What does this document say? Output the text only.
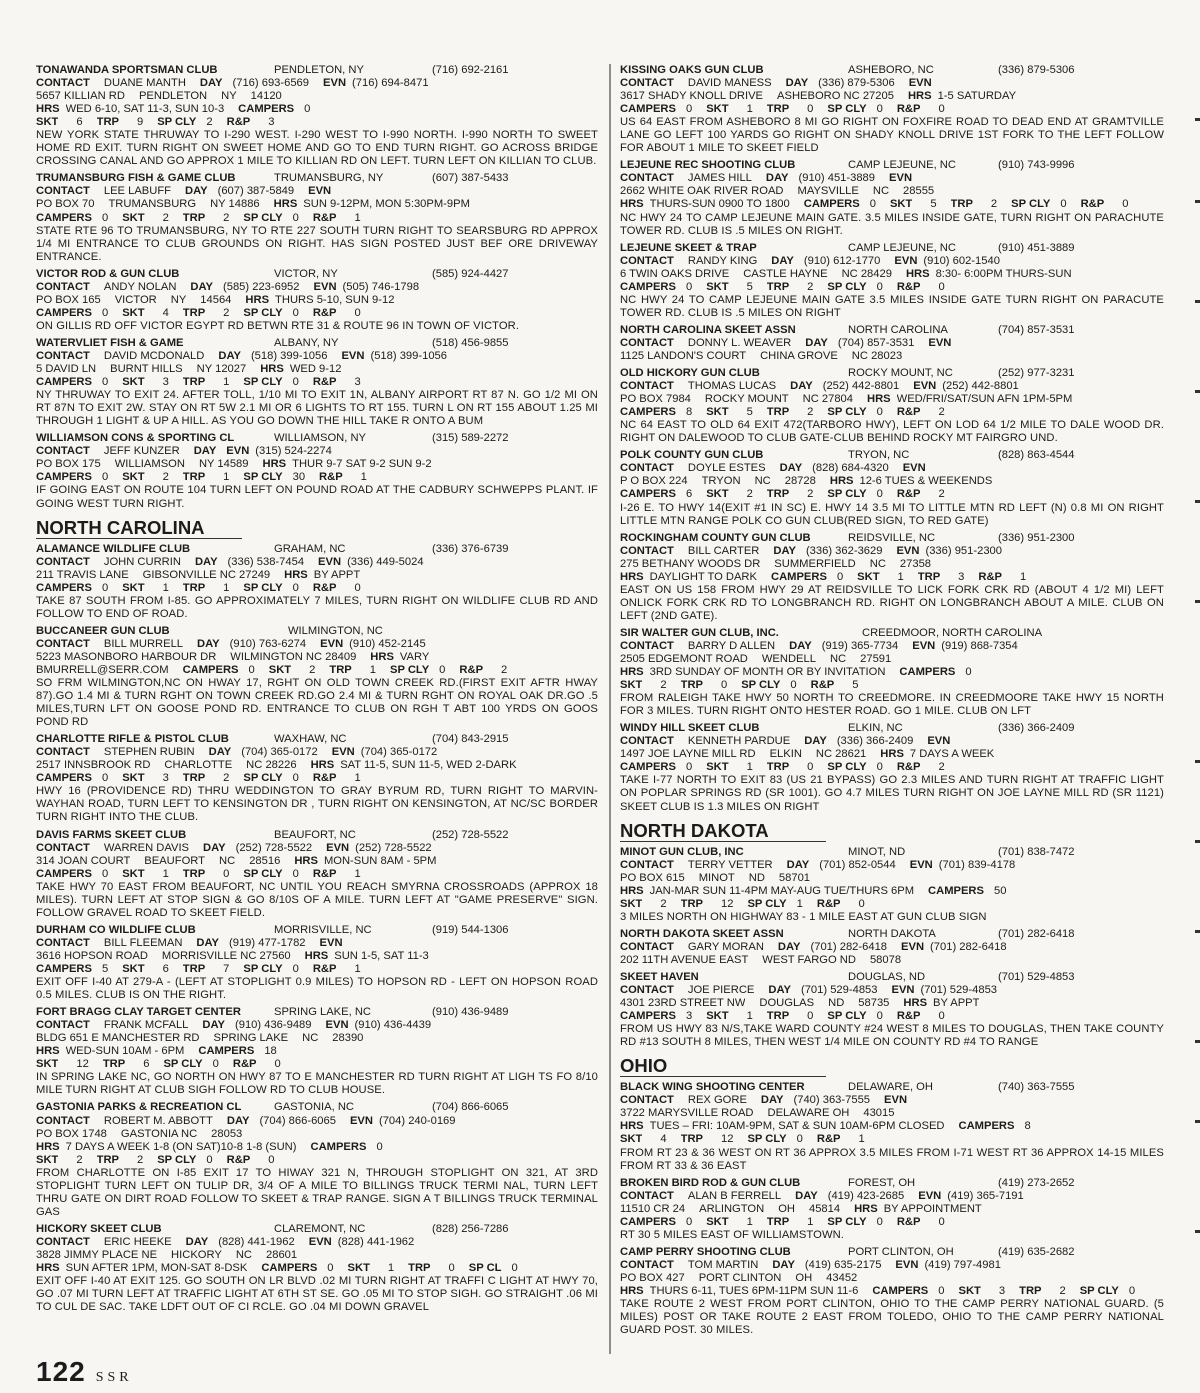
TONAWANDA SPORTSMAN CLUB	PENDLETON, NY	(716) 692-2161
CONTACT DUANE MANTH DAY (716) 693-6569 EVN (716) 694-8471
5657 KILLIAN RD PENDLETON NY 14120
HRS WED 6-10, SAT 11-3, SUN 10-3 CAMPERS 0
SKT 6 TRP 9 SP CLY 2 R&P 3
NEW YORK STATE THRUWAY TO I-290 WEST. I-290 WEST TO I-990 NORTH. I-990 NORTH TO SWEET HOME RD EXIT. TURN RIGHT ON SWEET HOME AND GO TO END TURN RIGHT. GO ACROSS BRIDGE CROSSING CANAL AND GO APPROX 1 MILE TO KILLIAN RD ON LEFT. TURN LEFT ON KILLIAN TO CLUB.
TRUMANSBURG FISH & GAME CLUB	TRUMANSBURG, NY	(607) 387-5433
CONTACT LEE LABUFF DAY (607) 387-5849 EVN
PO BOX 70 TRUMANSBURG NY 14886 HRS SUN 9-12PM, MON 5:30PM-9PM
CAMPERS 0 SKT 2 TRP 2 SP CLY 0 R&P 1
STATE RTE 96 TO TRUMANSBURG, NY TO RTE 227 SOUTH TURN RIGHT TO SEARSBURG RD APPROX 1/4 MI ENTRANCE TO CLUB GROUNDS ON RIGHT. HAS SIGN POSTED JUST BEF ORE DRIVEWAY ENTRANCE.
VICTOR ROD & GUN CLUB	VICTOR, NY	(585) 924-4427
CONTACT ANDY NOLAN DAY (585) 223-6952 EVN (505) 746-1798
PO BOX 165 VICTOR NY 14564 HRS THURS 5-10, SUN 9-12
CAMPERS 0 SKT 4 TRP 2 SP CLY 0 R&P 0
ON GILLIS RD OFF VICTOR EGYPT RD BETWN RTE 31 & ROUTE 96 IN TOWN OF VICTOR.
WATERVLIET FISH & GAME	ALBANY, NY	(518) 456-9855
CONTACT DAVID MCDONALD DAY (518) 399-1056 EVN (518) 399-1056
5 DAVID LN BURNT HILLS NY 12027 HRS WED 9-12
CAMPERS 0 SKT 3 TRP 1 SP CLY 0 R&P 3
NY THRUWAY TO EXIT 24. AFTER TOLL, 1/10 MI TO EXIT 1N, ALBANY AIRPORT RT 87 N. GO 1/2 MI ON RT 87N TO EXIT 2W. STAY ON RT 5W 2.1 MI OR 6 LIGHTS TO RT 155. TURN L ON RT 155 ABOUT 1.25 MI THROUGH 1 LIGHT & UP A HILL. AS YOU GO DOWN THE HILL TAKE R ONTO A BUM
WILLIAMSON CONS & SPORTING CL	WILLIAMSON, NY	(315) 589-2272
CONTACT JEFF KUNZER DAY EVN (315) 524-2274
PO BOX 175 WILLIAMSON NY 14589 HRS THUR 9-7 SAT 9-2 SUN 9-2
CAMPERS 0 SKT 2 TRP 1 SP CLY 30 R&P 1
IF GOING EAST ON ROUTE 104 TURN LEFT ON POUND ROAD AT THE CADBURY SCHWEPPS PLANT. IF GOING WEST TURN RIGHT.
NORTH CAROLINA
ALAMANCE WILDLIFE CLUB	GRAHAM, NC	(336) 376-6739
CONTACT JOHN CURRIN DAY (336) 538-7454 EVN (336) 449-5024
211 TRAVIS LANE GIBSONVILLE NC 27249 HRS BY APPT
CAMPERS 0 SKT 1 TRP 1 SP CLY 0 R&P 0
TAKE 87 SOUTH FROM I-85. GO APPROXIMATELY 7 MILES, TURN RIGHT ON WILDLIFE CLUB RD AND FOLLOW TO END OF ROAD.
BUCCANEER GUN CLUB	WILMINGTON, NC
CONTACT BILL MURRELL DAY (910) 763-6274 EVN (910) 452-2145
5223 MASONBORO HARBOUR DR WILMINGTON NC 28409 HRS VARY
BMURRELL@SERR.COM CAMPERS 0 SKT 2 TRP 1 SP CLY 0 R&P 2
SO FRM WILMINGTON,NC ON HWAY 17, RGHT ON OLD TOWN CREEK RD.(FIRST EXIT AFTR HWAY 87).GO 1.4 MI & TURN RGHT ON TOWN CREEK RD.GO 2.4 MI & TURN RGHT ON ROYAL OAK DR.GO .5 MILES,TURN LFT ON GOOSE POND RD. ENTRANCE TO CLUB ON RGH T ABT 100 YRDS ON GOOS POND RD
CHARLOTTE RIFLE & PISTOL CLUB	WAXHAW, NC	(704) 843-2915
CONTACT STEPHEN RUBIN DAY (704) 365-0172 EVN (704) 365-0172
2517 INNSBROOK RD CHARLOTTE NC 28226 HRS SAT 11-5, SUN 11-5, WED 2-DARK
CAMPERS 0 SKT 3 TRP 2 SP CLY 0 R&P 1
HWY 16 (PROVIDENCE RD) THRU WEDDINGTON TO GRAY BYRUM RD, TURN RIGHT TO MARVIN-WAYHAN ROAD, TURN LEFT TO KENSINGTON DR , TURN RIGHT ON KENSINGTON, AT NC/SC BORDER TURN RIGHT INTO THE CLUB.
DAVIS FARMS SKEET CLUB	BEAUFORT, NC	(252) 728-5522
CONTACT WARREN DAVIS DAY (252) 728-5522 EVN (252) 728-5522
314 JOAN COURT BEAUFORT NC 28516 HRS MON-SUN 8AM - 5PM
CAMPERS 0 SKT 1 TRP 0 SP CLY 0 R&P 1
TAKE HWY 70 EAST FROM BEAUFORT, NC UNTIL YOU REACH SMYRNA CROSSROADS (APPROX 18 MILES). TURN LEFT AT STOP SIGN & GO 8/10S OF A MILE. TURN LEFT AT "GAME PRESERVE" SIGN. FOLLOW GRAVEL ROAD TO SKEET FIELD.
DURHAM CO WILDLIFE CLUB	MORRISVILLE, NC	(919) 544-1306
CONTACT BILL FLEEMAN DAY (919) 477-1782 EVN
3616 HOPSON ROAD MORRISVILLE NC 27560 HRS SUN 1-5, SAT 11-3
CAMPERS 5 SKT 6 TRP 7 SP CLY 0 R&P 1
EXIT OFF I-40 AT 279-A - (LEFT AT STOPLIGHT 0.9 MILES) TO HOPSON RD - LEFT ON HOPSON ROAD 0.5 MILES. CLUB IS ON THE RIGHT.
FORT BRAGG CLAY TARGET CENTER	SPRING LAKE, NC	(910) 436-9489
CONTACT FRANK MCFALL DAY (910) 436-9489 EVN (910) 436-4439
BLDG 651 E MANCHESTER RD SPRING LAKE NC 28390
HRS WED-SUN 10AM - 6PM CAMPERS 18
SKT 12 TRP 6 SP CLY 0 R&P 0
IN SPRING LAKE NC, GO NORTH ON HWY 87 TO E MANCHESTER RD TURN RIGHT AT LIGH TS FO 8/10 MILE TURN RIGHT AT CLUB SIGH FOLLOW RD TO CLUB HOUSE.
GASTONIA PARKS & RECREATION CL	GASTONIA, NC	(704) 866-6065
CONTACT ROBERT M. ABBOTT DAY (704) 866-6065 EVN (704) 240-0169
PO BOX 1748 GASTONIA NC 28053
HRS 7 DAYS A WEEK 1-8 (ON SAT)10-8 1-8 (SUN) CAMPERS 0
SKT 2 TRP 2 SP CLY 0 R&P 0
FROM CHARLOTTE ON I-85 EXIT 17 TO HIWAY 321 N, THROUGH STOPLIGHT ON 321, AT 3RD STOPLIGHT TURN LEFT ON TULIP DR, 3/4 OF A MILE TO BILLINGS TRUCK TERMI NAL, TURN LEFT THRU GATE ON DIRT ROAD FOLLOW TO SKEET & TRAP RANGE. SIGN A T BILLINGS TRUCK TERMINAL GAS
HICKORY SKEET CLUB	CLAREMONT, NC	(828) 256-7286
CONTACT ERIC HEEKE DAY (828) 441-1962 EVN (828) 441-1962
3828 JIMMY PLACE NE HICKORY NC 28601
HRS SUN AFTER 1PM, MON-SAT 8-DSK CAMPERS 0 SKT 1 TRP 0 SP CL 0
EXIT OFF I-40 AT EXIT 125. GO SOUTH ON LR BLVD .02 MI TURN RIGHT AT TRAFFI C LIGHT AT HWY 70, GO .07 MI TURN LEFT AT TRAFFIC LIGHT AT 6TH ST SE. GO .05 MI TO STOP SIGH. GO STRAIGHT .06 MI TO CUL DE SAC. TAKE LDFT OUT OF CI RCLE. GO .04 MI DOWN GRAVEL
KISSING OAKS GUN CLUB	ASHEBORO, NC	(336) 879-5306
CONTACT DAVID MANESS DAY (336) 879-5306 EVN
3617 SHADY KNOLL DRIVE ASHEBORO NC 27205 HRS 1-5 SATURDAY
CAMPERS 0 SKT 1 TRP 0 SP CLY 0 R&P 0
US 64 EAST FROM ASHEBORO 8 MI GO RIGHT ON FOXFIRE ROAD TO DEAD END AT GRAMTVILLE LANE GO LEFT 100 YARDS GO RIGHT ON SHADY KNOLL DRIVE 1ST FORK TO THE LEFT FOLLOW FOR ABOUT 1 MILE TO SKEET FIELD
LEJEUNE REC SHOOTING CLUB	CAMP LEJEUNE, NC	(910) 743-9996
CONTACT JAMES HILL DAY (910) 451-3889 EVN
2662 WHITE OAK RIVER ROAD MAYSVILLE NC 28555
HRS THURS-SUN 0900 TO 1800 CAMPERS 0 SKT 5 TRP 2 SP CLY 0 R&P 0
NC HWY 24 TO CAMP LEJEUNE MAIN GATE. 3.5 MILES INSIDE GATE, TURN RIGHT ON PARACHUTE TOWER RD. CLUB IS .5 MILES ON RIGHT.
LEJEUNE SKEET & TRAP	CAMP LEJEUNE, NC	(910) 451-3889
CONTACT RANDY KING DAY (910) 612-1770 EVN (910) 602-1540
6 TWIN OAKS DRIVE CASTLE HAYNE NC 28429 HRS 8:30- 6:00PM THURS-SUN
CAMPERS 0 SKT 5 TRP 2 SP CLY 0 R&P 0
NC HWY 24 TO CAMP LEJEUNE MAIN GATE 3.5 MILES INSIDE GATE TURN RIGHT ON PARACUTE TOWER RD. CLUB IS .5 MILES ON RIGHT
NORTH CAROLINA SKEET ASSN	NORTH CAROLINA	(704) 857-3531
CONTACT DONNY L. WEAVER DAY (704) 857-3531 EVN
1125 LANDON'S COURT CHINA GROVE NC 28023
OLD HICKORY GUN CLUB	ROCKY MOUNT, NC	(252) 977-3231
CONTACT THOMAS LUCAS DAY (252) 442-8801 EVN (252) 442-8801
PO BOX 7984 ROCKY MOUNT NC 27804 HRS WED/FRI/SAT/SUN AFN 1PM-5PM
CAMPERS 8 SKT 5 TRP 2 SP CLY 0 R&P 2
NC 64 EAST TO OLD 64 EXIT 472(TARBORO HWY), LEFT ON LOD 64 1/2 MILE TO DALE WOOD DR. RIGHT ON DALEWOOD TO CLUB GATE-CLUB BEHIND ROCKY MT FAIRGRO UND.
POLK COUNTY GUN CLUB	TRYON, NC	(828) 863-4544
CONTACT DOYLE ESTES DAY (828) 684-4320 EVN
P O BOX 224 TRYON NC 28728 HRS 12-6 TUES & WEEKENDS
CAMPERS 6 SKT 2 TRP 2 SP CLY 0 R&P 2
I-26 E. TO HWY 14(EXIT #1 IN SC) E. HWY 14 3.5 MI TO LITTLE MTN RD LEFT (N) 0.8 MI ON RIGHT LITTLE MTN RANGE POLK CO GUN CLUB(RED SIGN, TO RED GATE)
ROCKINGHAM COUNTY GUN CLUB	REIDSVILLE, NC	(336) 951-2300
CONTACT BILL CARTER DAY (336) 362-3629 EVN (336) 951-2300
275 BETHANY WOODS DR SUMMERFIELD NC 27358
HRS DAYLIGHT TO DARK CAMPERS 0 SKT 1 TRP 3 R&P 1
EAST ON US 158 FROM HWY 29 AT REIDSVILLE TO LICK FORK CRK RD (ABOUT 4 1/2 MI) LEFT ONLICK FORK CRK RD TO LONGBRANCH RD. RIGHT ON LONGBRANCH ABOUT A MILE. CLUB ON LEFT (2ND GATE).
SIR WALTER GUN CLUB, INC.	CREEDMOOR, NORTH CAROLINA
CONTACT BARRY D ALLEN DAY (919) 365-7734 EVN (919) 868-7354
2505 EDGEMONT ROAD WENDELL NC 27591
HRS 3RD SUNDAY OF MONTH OR BY INVITATION CAMPERS 0
SKT 2 TRP 0 SP CLY 0 R&P 5
FROM RALEIGH TAKE HWY 50 NORTH TO CREEDMORE. IN CREEDMOORE TAKE HWY 15 NORTH FOR 3 MILES. TURN RIGHT ONTO HESTER ROAD. GO 1 MILE. CLUB ON LFT
WINDY HILL SKEET CLUB	ELKIN, NC	(336) 366-2409
CONTACT KENNETH PARDUE DAY (336) 366-2409 EVN
1497 JOE LAYNE MILL RD ELKIN NC 28621 HRS 7 DAYS A WEEK
CAMPERS 0 SKT 1 TRP 0 SP CLY 0 R&P 2
TAKE I-77 NORTH TO EXIT 83 (US 21 BYPASS) GO 2.3 MILES AND TURN RIGHT AT TRAFFIC LIGHT ON POPLAR SPRINGS RD (SR 1001). GO 4.7 MILES TURN RIGHT ON JOE LAYNE MILL RD (SR 1121) SKEET CLUB IS 1.3 MILES ON RIGHT
NORTH DAKOTA
MINOT GUN CLUB, INC	MINOT, ND	(701) 838-7472
CONTACT TERRY VETTER DAY (701) 852-0544 EVN (701) 839-4178
PO BOX 615 MINOT ND 58701
HRS JAN-MAR SUN 11-4PM MAY-AUG TUE/THURS 6PM CAMPERS 50
SKT 2 TRP 12 SP CLY 1 R&P 0
3 MILES NORTH ON HIGHWAY 83 - 1 MILE EAST AT GUN CLUB SIGN
NORTH DAKOTA SKEET ASSN	NORTH DAKOTA	(701) 282-6418
CONTACT GARY MORAN DAY (701) 282-6418 EVN (701) 282-6418
202 11TH AVENUE EAST WEST FARGO ND 58078
SKEET HAVEN	DOUGLAS, ND	(701) 529-4853
CONTACT JOE PIERCE DAY (701) 529-4853 EVN (701) 529-4853
4301 23RD STREET NW DOUGLAS ND 58735 HRS BY APPT
CAMPERS 3 SKT 1 TRP 0 SP CLY 0 R&P 0
FROM US HWY 83 N/S,TAKE WARD COUNTY #24 WEST 8 MILES TO DOUGLAS, THEN TAKE COUNTY RD #13 SOUTH 8 MILES, THEN WEST 1/4 MILE ON COUNTY RD #4 TO RANGE
OHIO
BLACK WING SHOOTING CENTER	DELAWARE, OH	(740) 363-7555
CONTACT REX GORE DAY (740) 363-7555 EVN
3722 MARYSVILLE ROAD DELAWARE OH 43015
HRS TUES – FRI: 10AM-9PM, SAT & SUN 10AM-6PM CLOSED CAMPERS 8
SKT 4 TRP 12 SP CLY 0 R&P 1
FROM RT 23 & 36 WEST ON RT 36 APPROX 3.5 MILES FROM I-71 WEST RT 36 APPROX 14-15 MILES FROM RT 33 & 36 EAST
BROKEN BIRD ROD & GUN CLUB	FOREST, OH	(419) 273-2652
CONTACT ALAN B FERRELL DAY (419) 423-2685 EVN (419) 365-7191
11510 CR 24 ARLINGTON OH 45814 HRS BY APPOINTMENT
CAMPERS 0 SKT 1 TRP 1 SP CLY 0 R&P 0
RT 30 5 MILES EAST OF WILLIAMSTOWN.
CAMP PERRY SHOOTING CLUB	PORT CLINTON, OH	(419) 635-2682
CONTACT TOM MARTIN DAY (419) 635-2175 EVN (419) 797-4981
PO BOX 427 PORT CLINTON OH 43452
HRS THURS 6-11, TUES 6PM-11PM SUN 11-6 CAMPERS 0 SKT 3 TRP 2 SP CLY 0
TAKE ROUTE 2 WEST FROM PORT CLINTON, OHIO TO THE CAMP PERRY NATIONAL GUARD. (5 MILES) POST OR TAKE ROUTE 2 EAST FROM TOLEDO, OHIO TO THE CAMP PERRY NATIONAL GUARD POST. 30 MILES.
122 SSR
